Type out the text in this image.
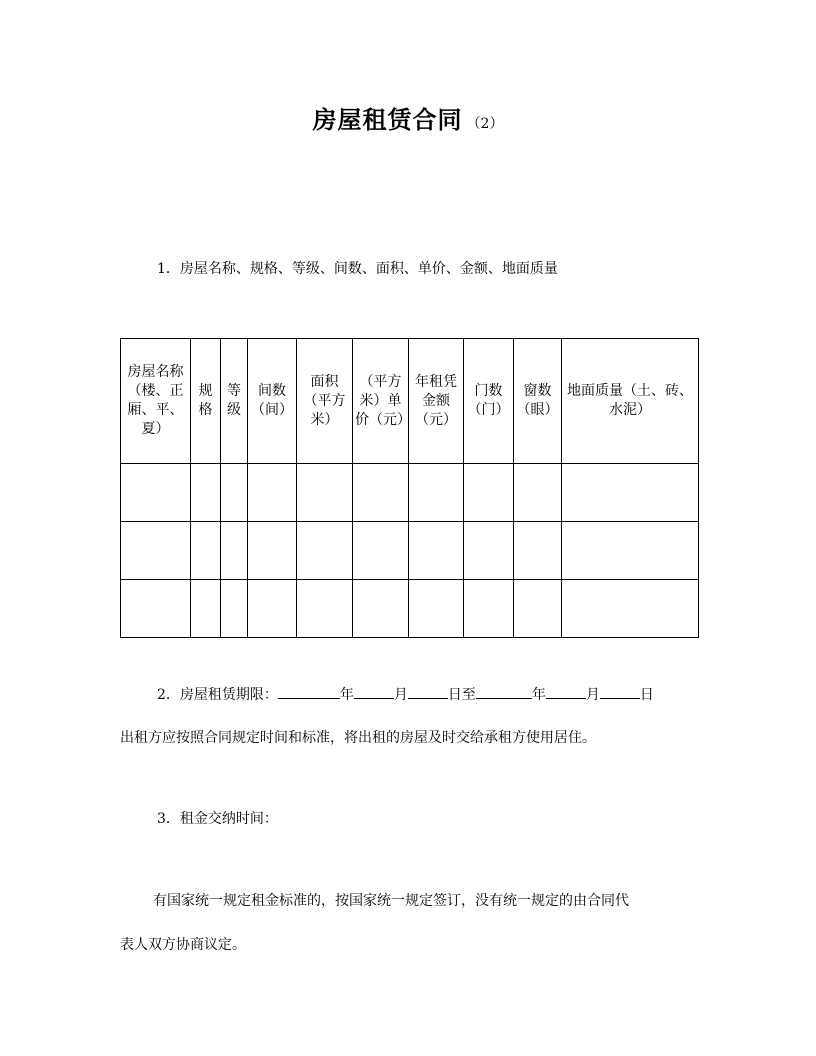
房屋租赁合同 （2）
1．房屋名称、规格、等级、间数、面积、单价、金额、地面质量
房屋名称（楼、正厢、平、夏）	规格	等级	间数（间）	面积（平方米）	（平方米）单价（元）	年租凭金额（元）	门数（门）	窗数（眼）	地面质量（土、砖、水泥）

2．房屋租赁期限：	年	月	日至	年	月	日
出租方应按照合同规定时间和标准，将出租的房屋及时交给承租方使用居住。
3．租金交纳时间：
有国家统一规定租金标准的，按国家统一规定签订，没有统一规定的由合同代
表人双方协商议定。
